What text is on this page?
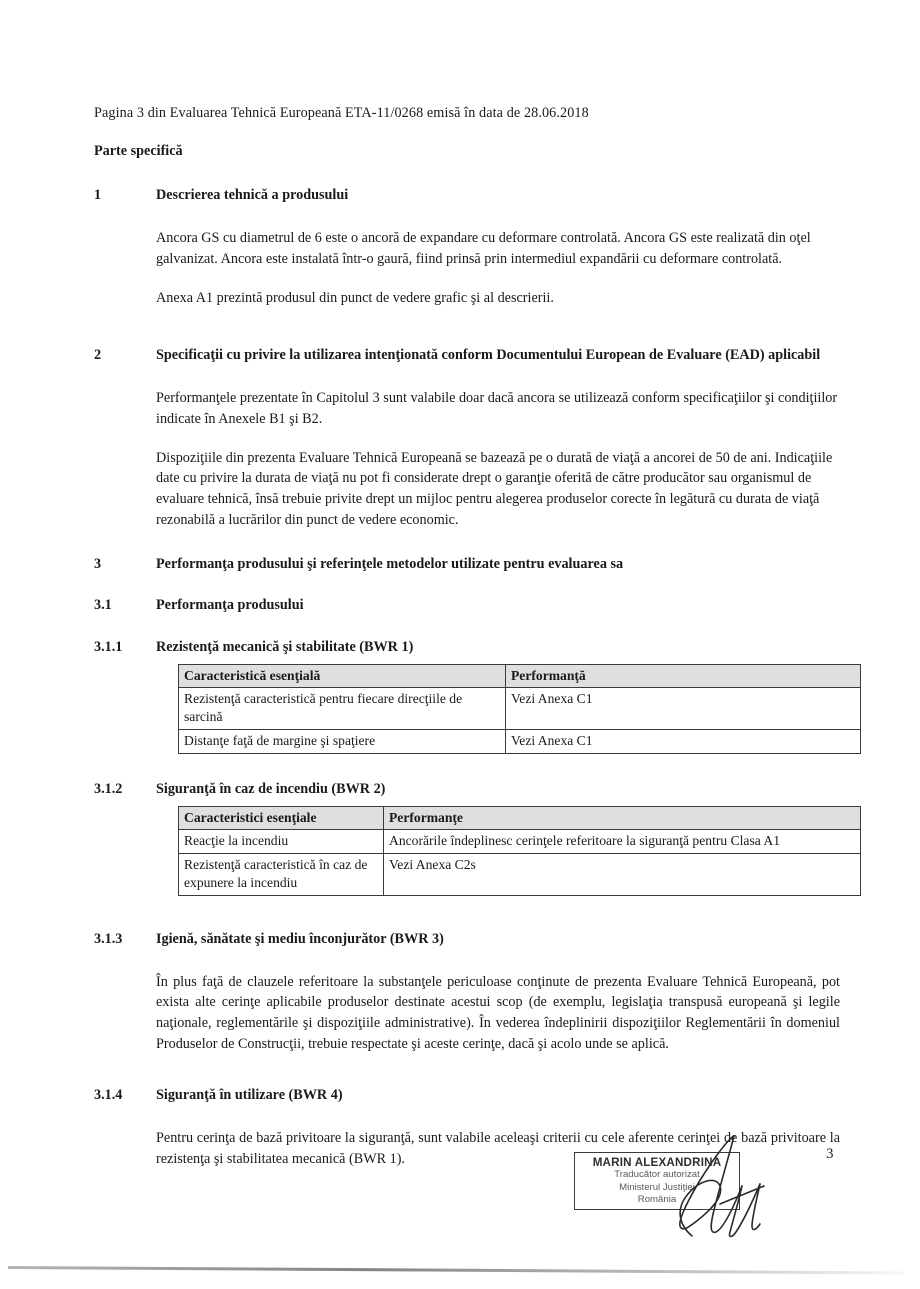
Pagina 3 din Evaluarea Tehnică Europeană ETA-11/0268 emisă în data de 28.06.2018
Parte specifică
1	Descrierea tehnică a produsului
Ancora GS cu diametrul de 6 este o ancoră de expandare cu deformare controlată. Ancora GS este realizată din oţel galvanizat. Ancora este instalată într-o gaură, fiind prinsă prin intermediul expandării cu deformare controlată.
Anexa A1 prezintă produsul din punct de vedere grafic şi al descrierii.
2	Specificaţii cu privire la utilizarea intenţionată conform Documentului European de Evaluare (EAD) aplicabil
Performanţele prezentate în Capitolul 3 sunt valabile doar dacă ancora se utilizează conform specificaţiilor şi condiţiilor indicate în Anexele B1 şi B2.
Dispoziţiile din prezenta Evaluare Tehnică Europeană se bazează pe o durată de viaţă a ancorei de 50 de ani. Indicaţiile date cu privire la durata de viaţă nu pot fi considerate drept o garanţie oferită de către producător sau organismul de evaluare tehnică, însă trebuie privite drept un mijloc pentru alegerea produselor corecte în legătură cu durata de viaţă rezonabilă a lucrărilor din punct de vedere economic.
3	Performanţa produsului şi referinţele metodelor utilizate pentru evaluarea sa
3.1	Performanţa produsului
3.1.1	Rezistenţă mecanică şi stabilitate (BWR 1)
Caracteristică esenţială	Performanţă
Rezistenţă caracteristică pentru fiecare direcţiile de sarcină	Vezi Anexa C1
Distanţe faţă de margine şi spaţiere	Vezi Anexa C1
3.1.2	Siguranţă în caz de incendiu (BWR 2)
Caracteristici esenţiale	Performanţe
Reacţie la incendiu	Ancorările îndeplinesc cerinţele referitoare la siguranţă pentru Clasa A1
Rezistenţă caracteristică în caz de expunere la incendiu	Vezi Anexa C2s
3.1.3	Igienă, sănătate şi mediu înconjurător (BWR 3)
În plus faţă de clauzele referitoare la substanţele periculoase conţinute de prezenta Evaluare Tehnică Europeană, pot exista alte cerinţe aplicabile produselor destinate acestui scop (de exemplu, legislaţia transpusă europeană şi legile naţionale, reglementările şi dispoziţiile administrative). În vederea îndeplinirii dispoziţiilor Reglementării în domeniul Produselor de Construcţii, trebuie respectate şi aceste cerinţe, dacă şi acolo unde se aplică.
3.1.4	Siguranţă în utilizare (BWR 4)
Pentru cerinţa de bază privitoare la siguranţă, sunt valabile aceleaşi criterii cu cele aferente cerinţei de bază privitoare la rezistenţa şi stabilitatea mecanică (BWR 1).	MARIN ALEXANDRINA
Traducător autorizat
Ministerul Justiţiei
România
3
